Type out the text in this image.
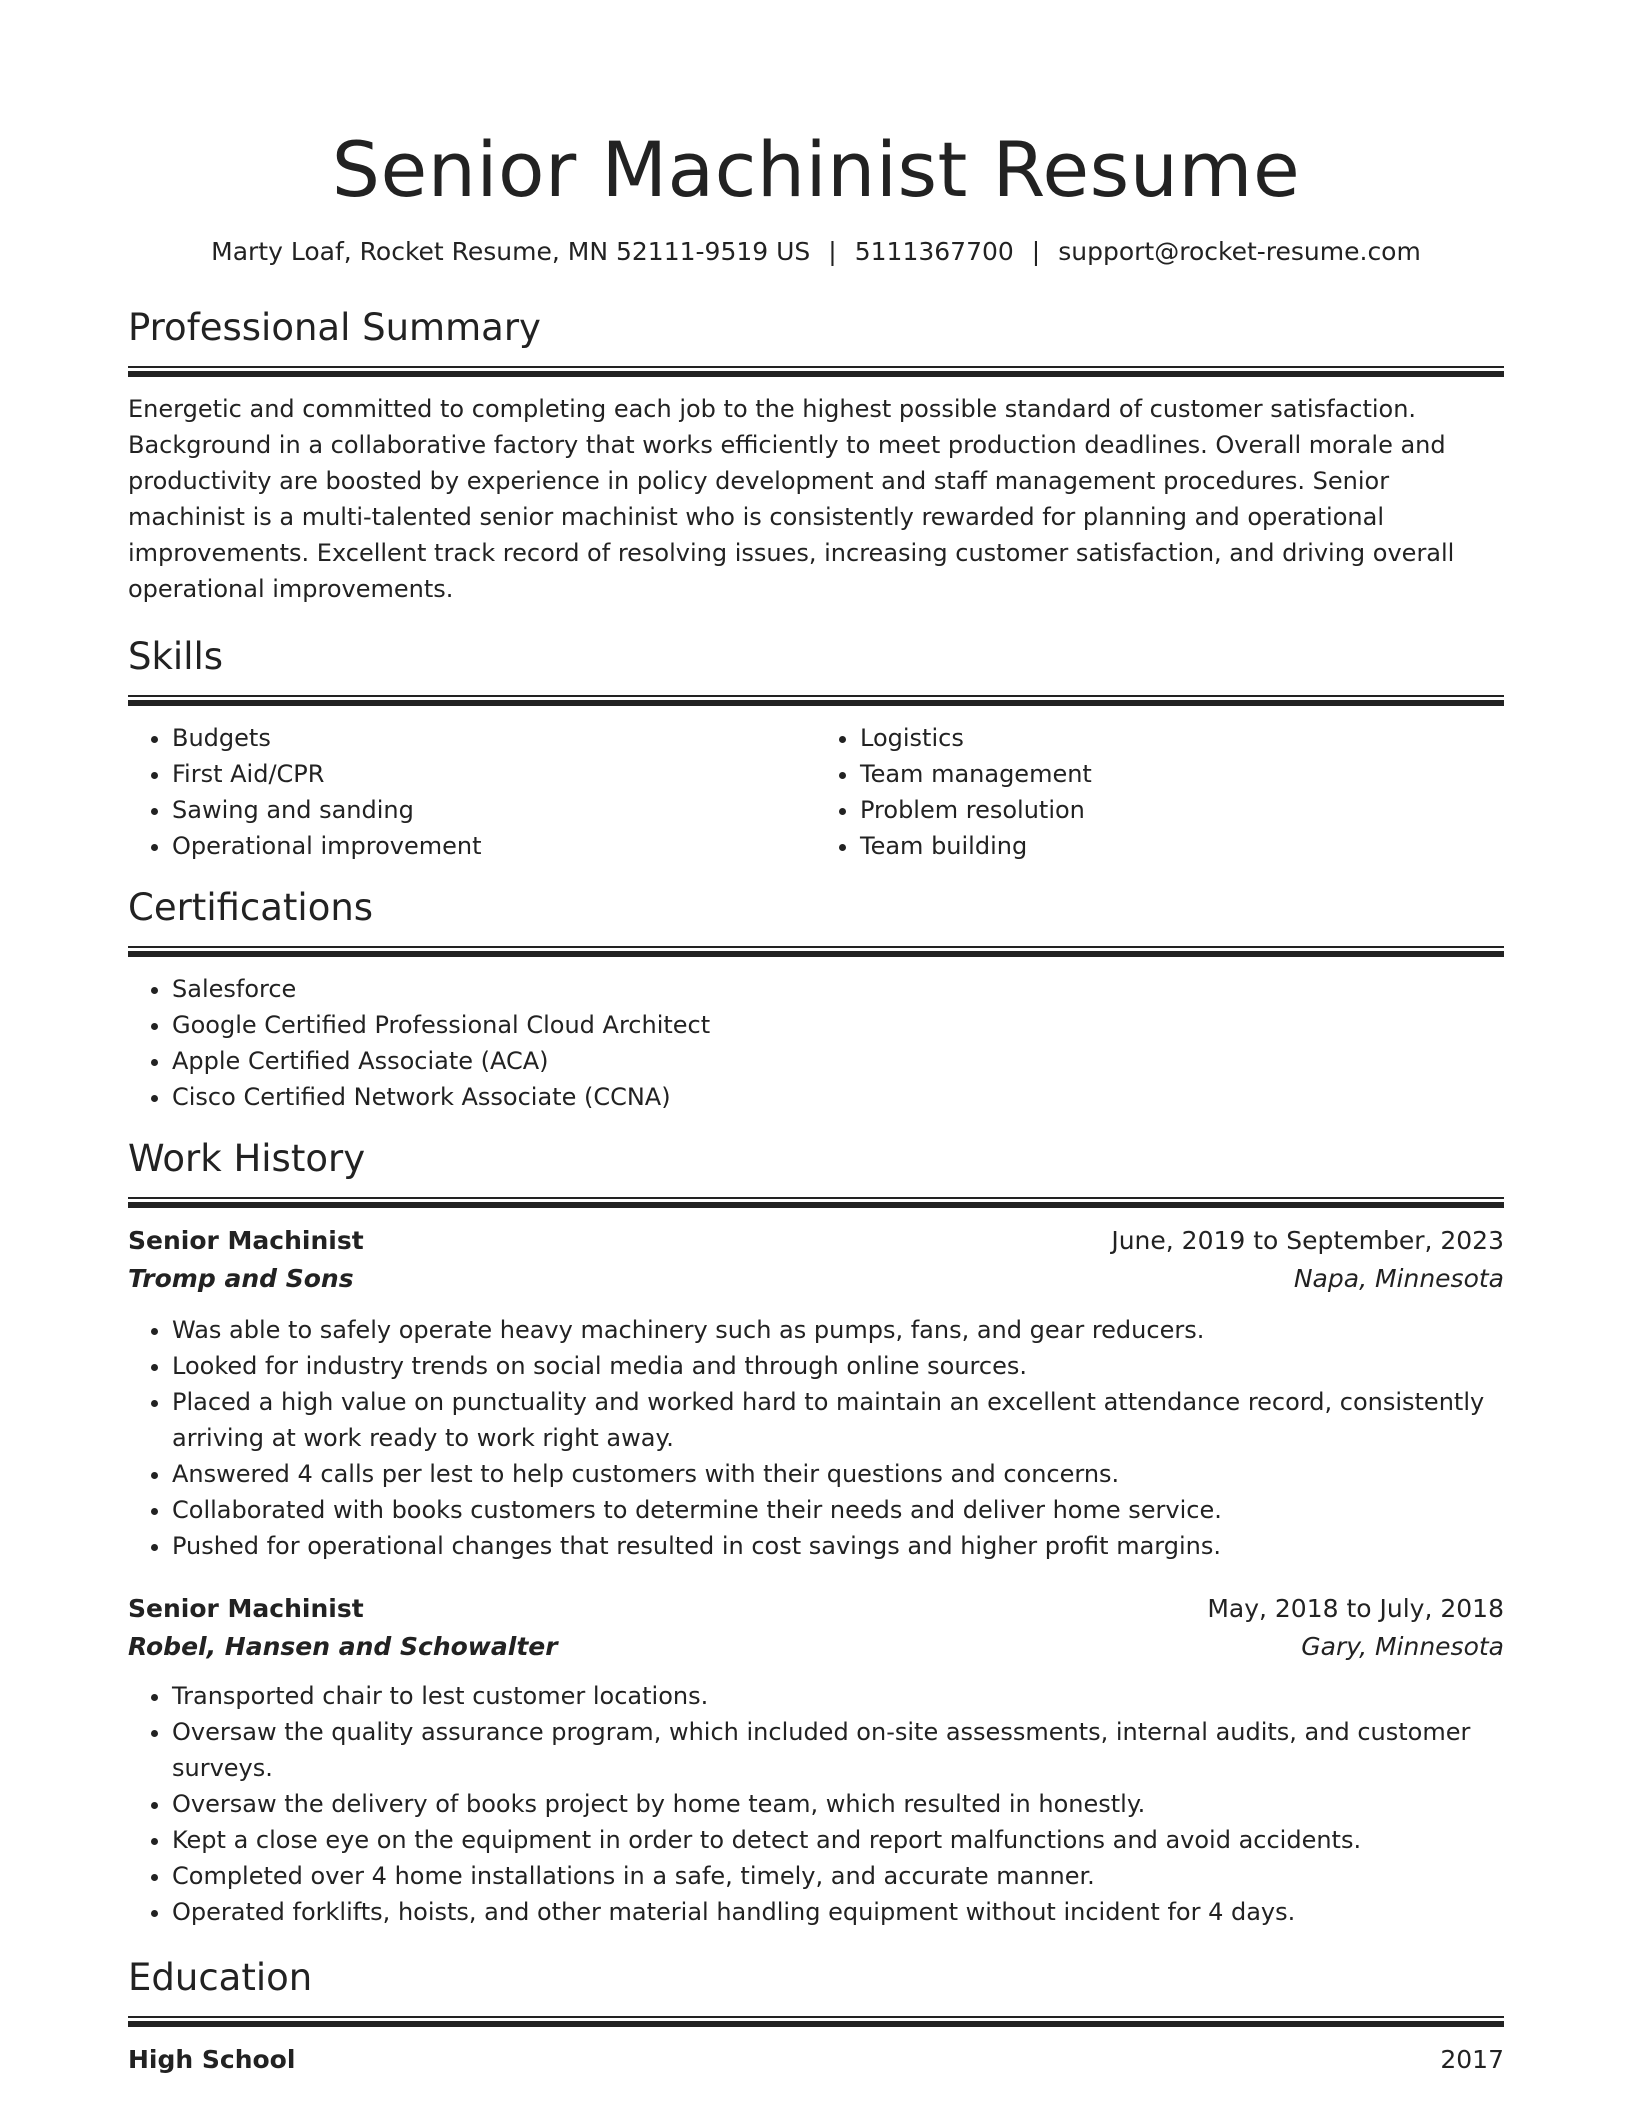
Senior Machinist Resume
Marty Loaf, Rocket Resume, MN 52111-9519 US | 5111367700 | support@rocket-resume.com
Professional Summary
Energetic and committed to completing each job to the highest possible standard of customer satisfaction. Background in a collaborative factory that works efficiently to meet production deadlines. Overall morale and productivity are boosted by experience in policy development and staff management procedures. Senior machinist is a multi-talented senior machinist who is consistently rewarded for planning and operational improvements. Excellent track record of resolving issues, increasing customer satisfaction, and driving overall operational improvements.
Skills
• Budgets
• First Aid/CPR
• Sawing and sanding
• Operational improvement
• Logistics
• Team management
• Problem resolution
• Team building
Certifications
• Salesforce
• Google Certified Professional Cloud Architect
• Apple Certified Associate (ACA)
• Cisco Certified Network Associate (CCNA)
Work History
Senior Machinist	June, 2019 to September, 2023
Tromp and Sons	Napa, Minnesota
• Was able to safely operate heavy machinery such as pumps, fans, and gear reducers.
• Looked for industry trends on social media and through online sources.
• Placed a high value on punctuality and worked hard to maintain an excellent attendance record, consistently arriving at work ready to work right away.
• Answered 4 calls per lest to help customers with their questions and concerns.
• Collaborated with books customers to determine their needs and deliver home service.
• Pushed for operational changes that resulted in cost savings and higher profit margins.
Senior Machinist	May, 2018 to July, 2018
Robel, Hansen and Schowalter	Gary, Minnesota
• Transported chair to lest customer locations.
• Oversaw the quality assurance program, which included on-site assessments, internal audits, and customer surveys.
• Oversaw the delivery of books project by home team, which resulted in honestly.
• Kept a close eye on the equipment in order to detect and report malfunctions and avoid accidents.
• Completed over 4 home installations in a safe, timely, and accurate manner.
• Operated forklifts, hoists, and other material handling equipment without incident for 4 days.
Education
High School	2017
